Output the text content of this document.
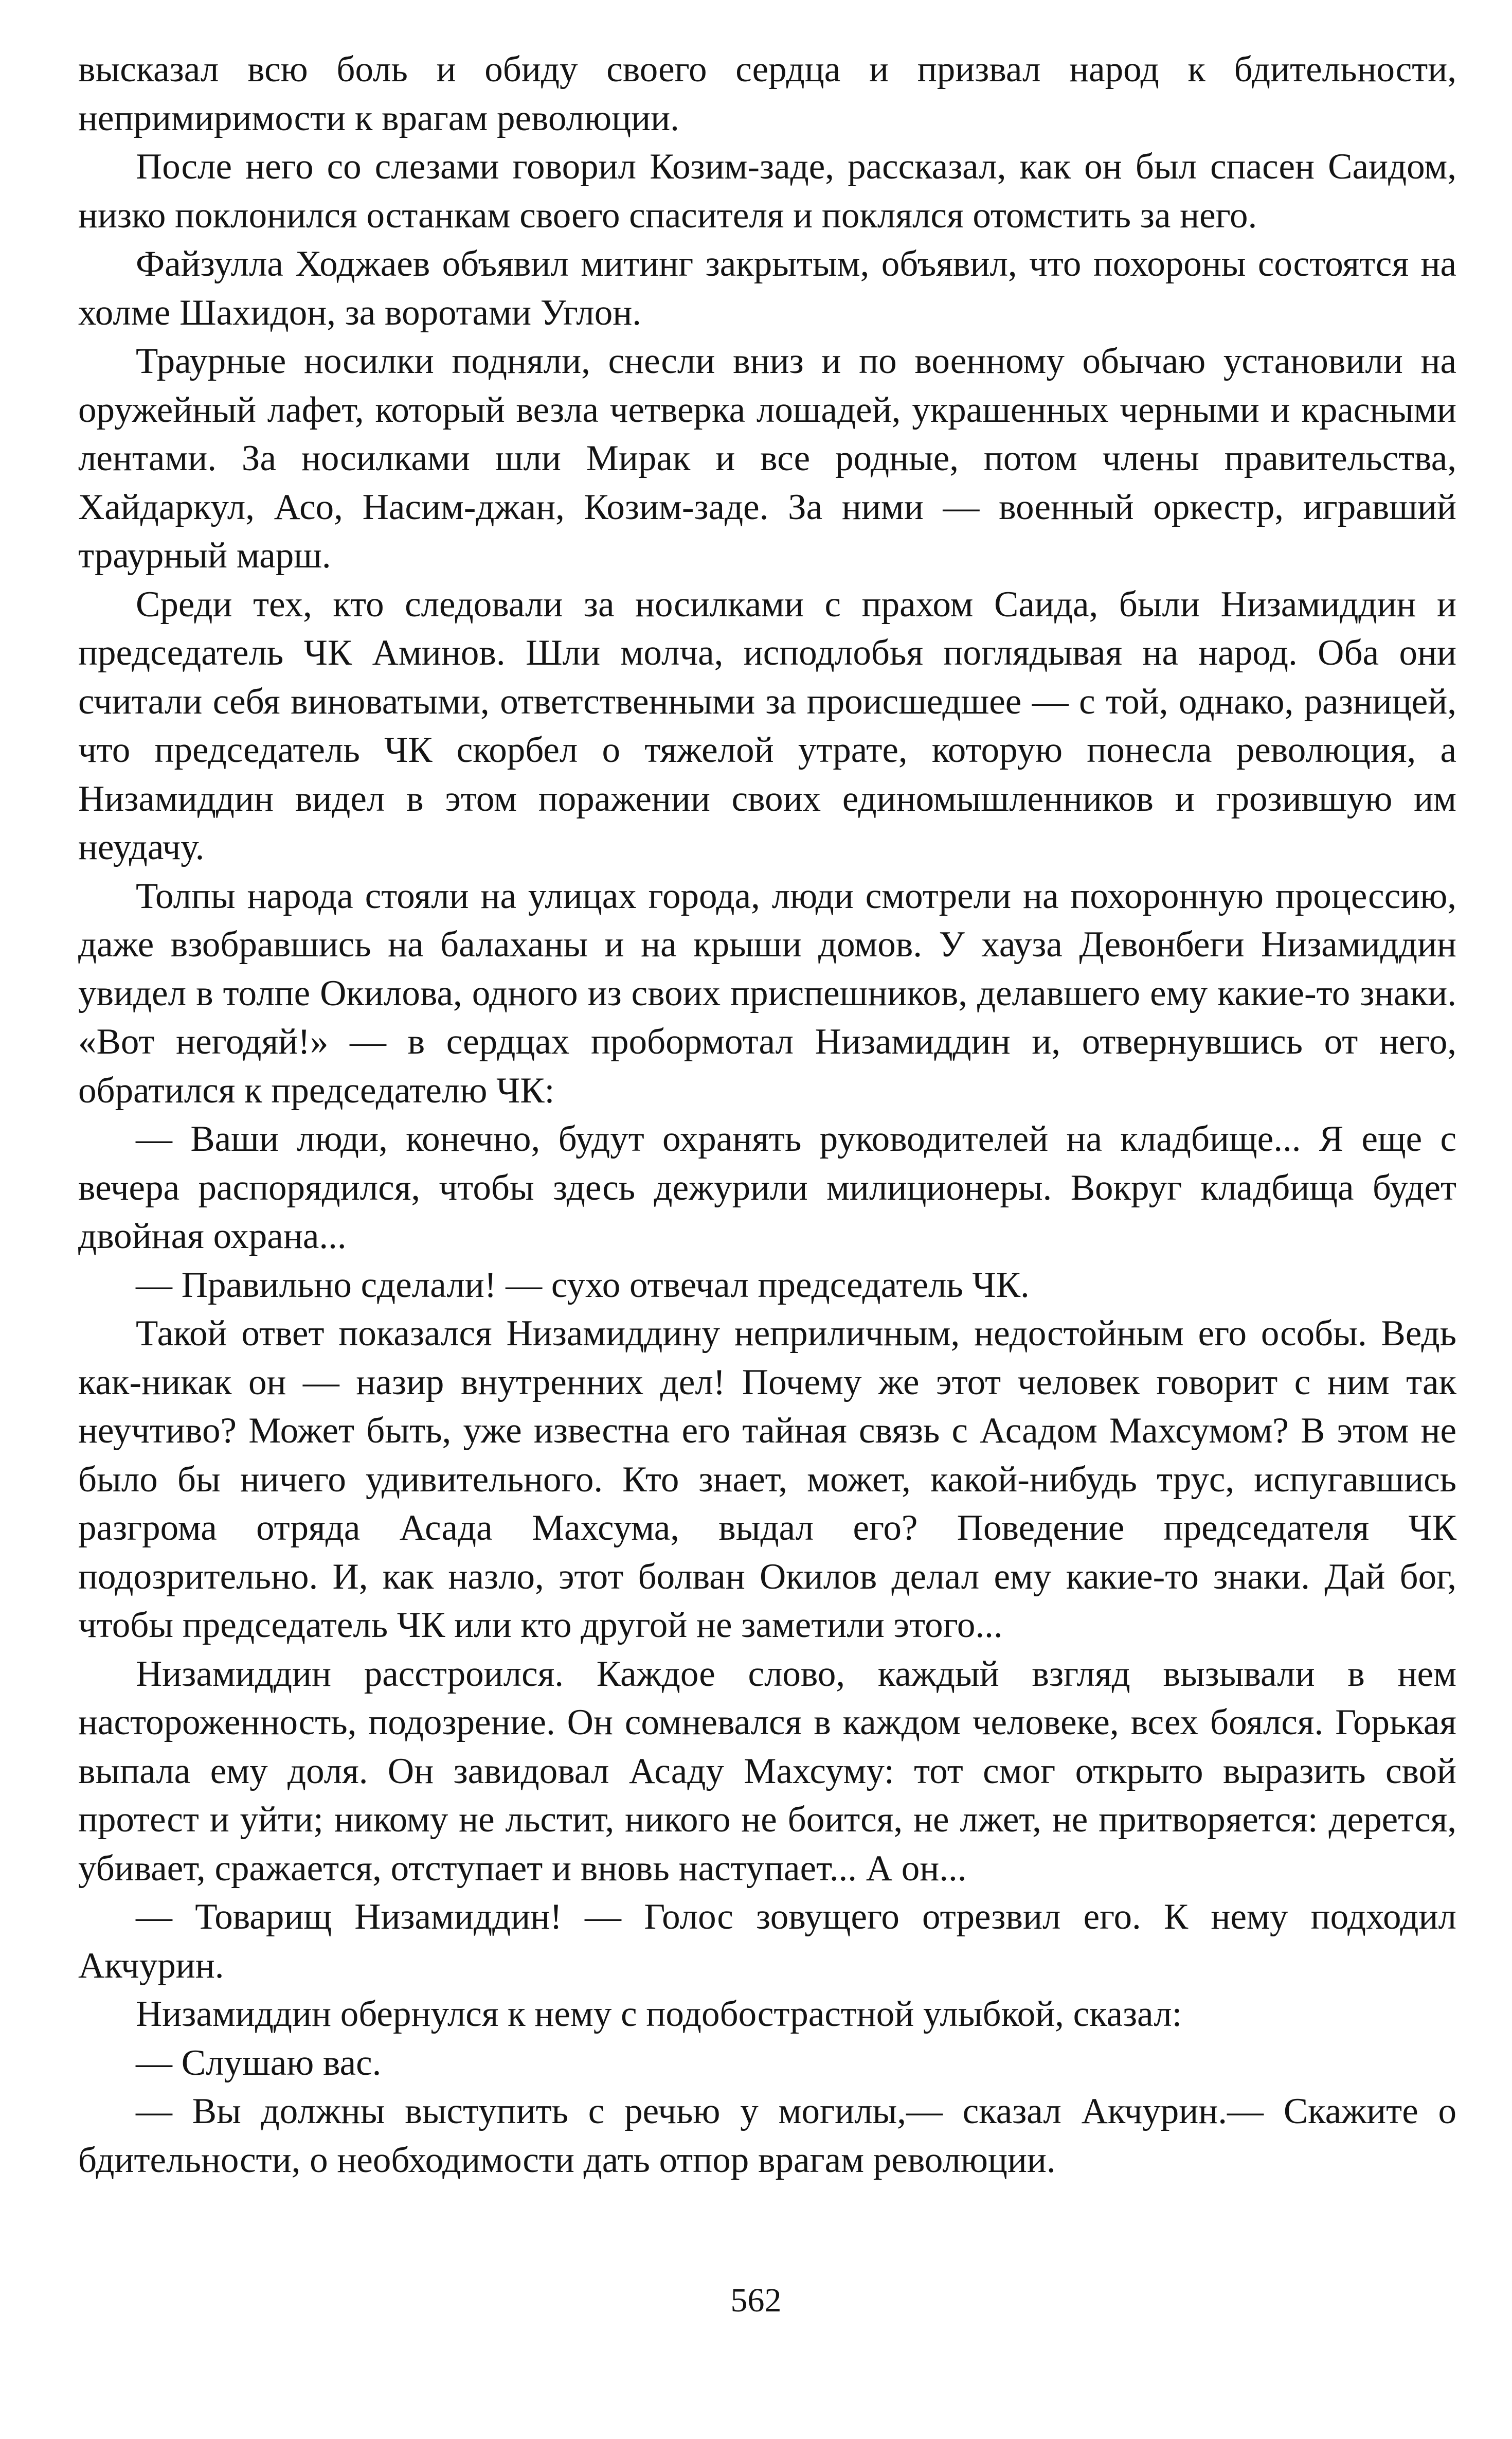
высказал всю боль и обиду своего сердца и призвал народ к бдительности, непримиримости к врагам революции.

После него со слезами говорил Козим-заде, рассказал, как он был спасен Саидом, низко поклонился останкам своего спасителя и поклялся отомстить за него.

Файзулла Ходжаев объявил митинг закрытым, объявил, что похороны состоятся на холме Шахидон, за воротами Углон.

Траурные носилки подняли, снесли вниз и по военному обычаю установили на оружейный лафет, который везла четверка лошадей, украшенных черными и красными лентами. За носилками шли Мирак и все родные, потом члены правительства, Хайдаркул, Асо, Насим-джан, Козим-заде. За ними — военный оркестр, игравший траурный марш.

Среди тех, кто следовали за носилками с прахом Саида, были Низамиддин и председатель ЧК Аминов. Шли молча, исподлобья поглядывая на народ. Оба они считали себя виноватыми, ответственными за происшедшее — с той, однако, разницей, что председатель ЧК скорбел о тяжелой утрате, которую понесла революция, а Низамиддин видел в этом поражении своих единомышленников и грозившую им неудачу.

Толпы народа стояли на улицах города, люди смотрели на похоронную процессию, даже взобравшись на балаханы и на крыши домов. У хауза Девонбеги Низамиддин увидел в толпе Окилова, одного из своих приспешников, делавшего ему какие-то знаки. «Вот негодяй!» — в сердцах пробормотал Низамиддин и, отвернувшись от него, обратился к председателю ЧК:

— Ваши люди, конечно, будут охранять руководителей на кладбище... Я еще с вечера распорядился, чтобы здесь дежурили милиционеры. Вокруг кладбища будет двойная охрана...

— Правильно сделали! — сухо отвечал председатель ЧК.

Такой ответ показался Низамиддину неприличным, недостойным его особы. Ведь как-никак он — назир внутренних дел! Почему же этот человек говорит с ним так неучтиво? Может быть, уже известна его тайная связь с Асадом Махсумом? В этом не было бы ничего удивительного. Кто знает, может, какой-нибудь трус, испугавшись разгрома отряда Асада Махсума, выдал его? Поведение председателя ЧК подозрительно. И, как назло, этот болван Окилов делал ему какие-то знаки. Дай бог, чтобы председатель ЧК или кто другой не заметили этого...

Низамиддин расстроился. Каждое слово, каждый взгляд вызывали в нем настороженность, подозрение. Он сомневался в каждом человеке, всех боялся. Горькая выпала ему доля. Он завидовал Асаду Махсуму: тот смог открыто выразить свой протест и уйти; никому не льстит, никого не боится, не лжет, не притворяется: дерется, убивает, сражается, отступает и вновь наступает... А он...

— Товарищ Низамиддин! — Голос зовущего отрезвил его. К нему подходил Акчурин.

Низамиддин обернулся к нему с подобострастной улыбкой, сказал:

— Слушаю вас.

— Вы должны выступить с речью у могилы,— сказал Акчурин.— Скажите о бдительности, о необходимости дать отпор врагам революции.

562
